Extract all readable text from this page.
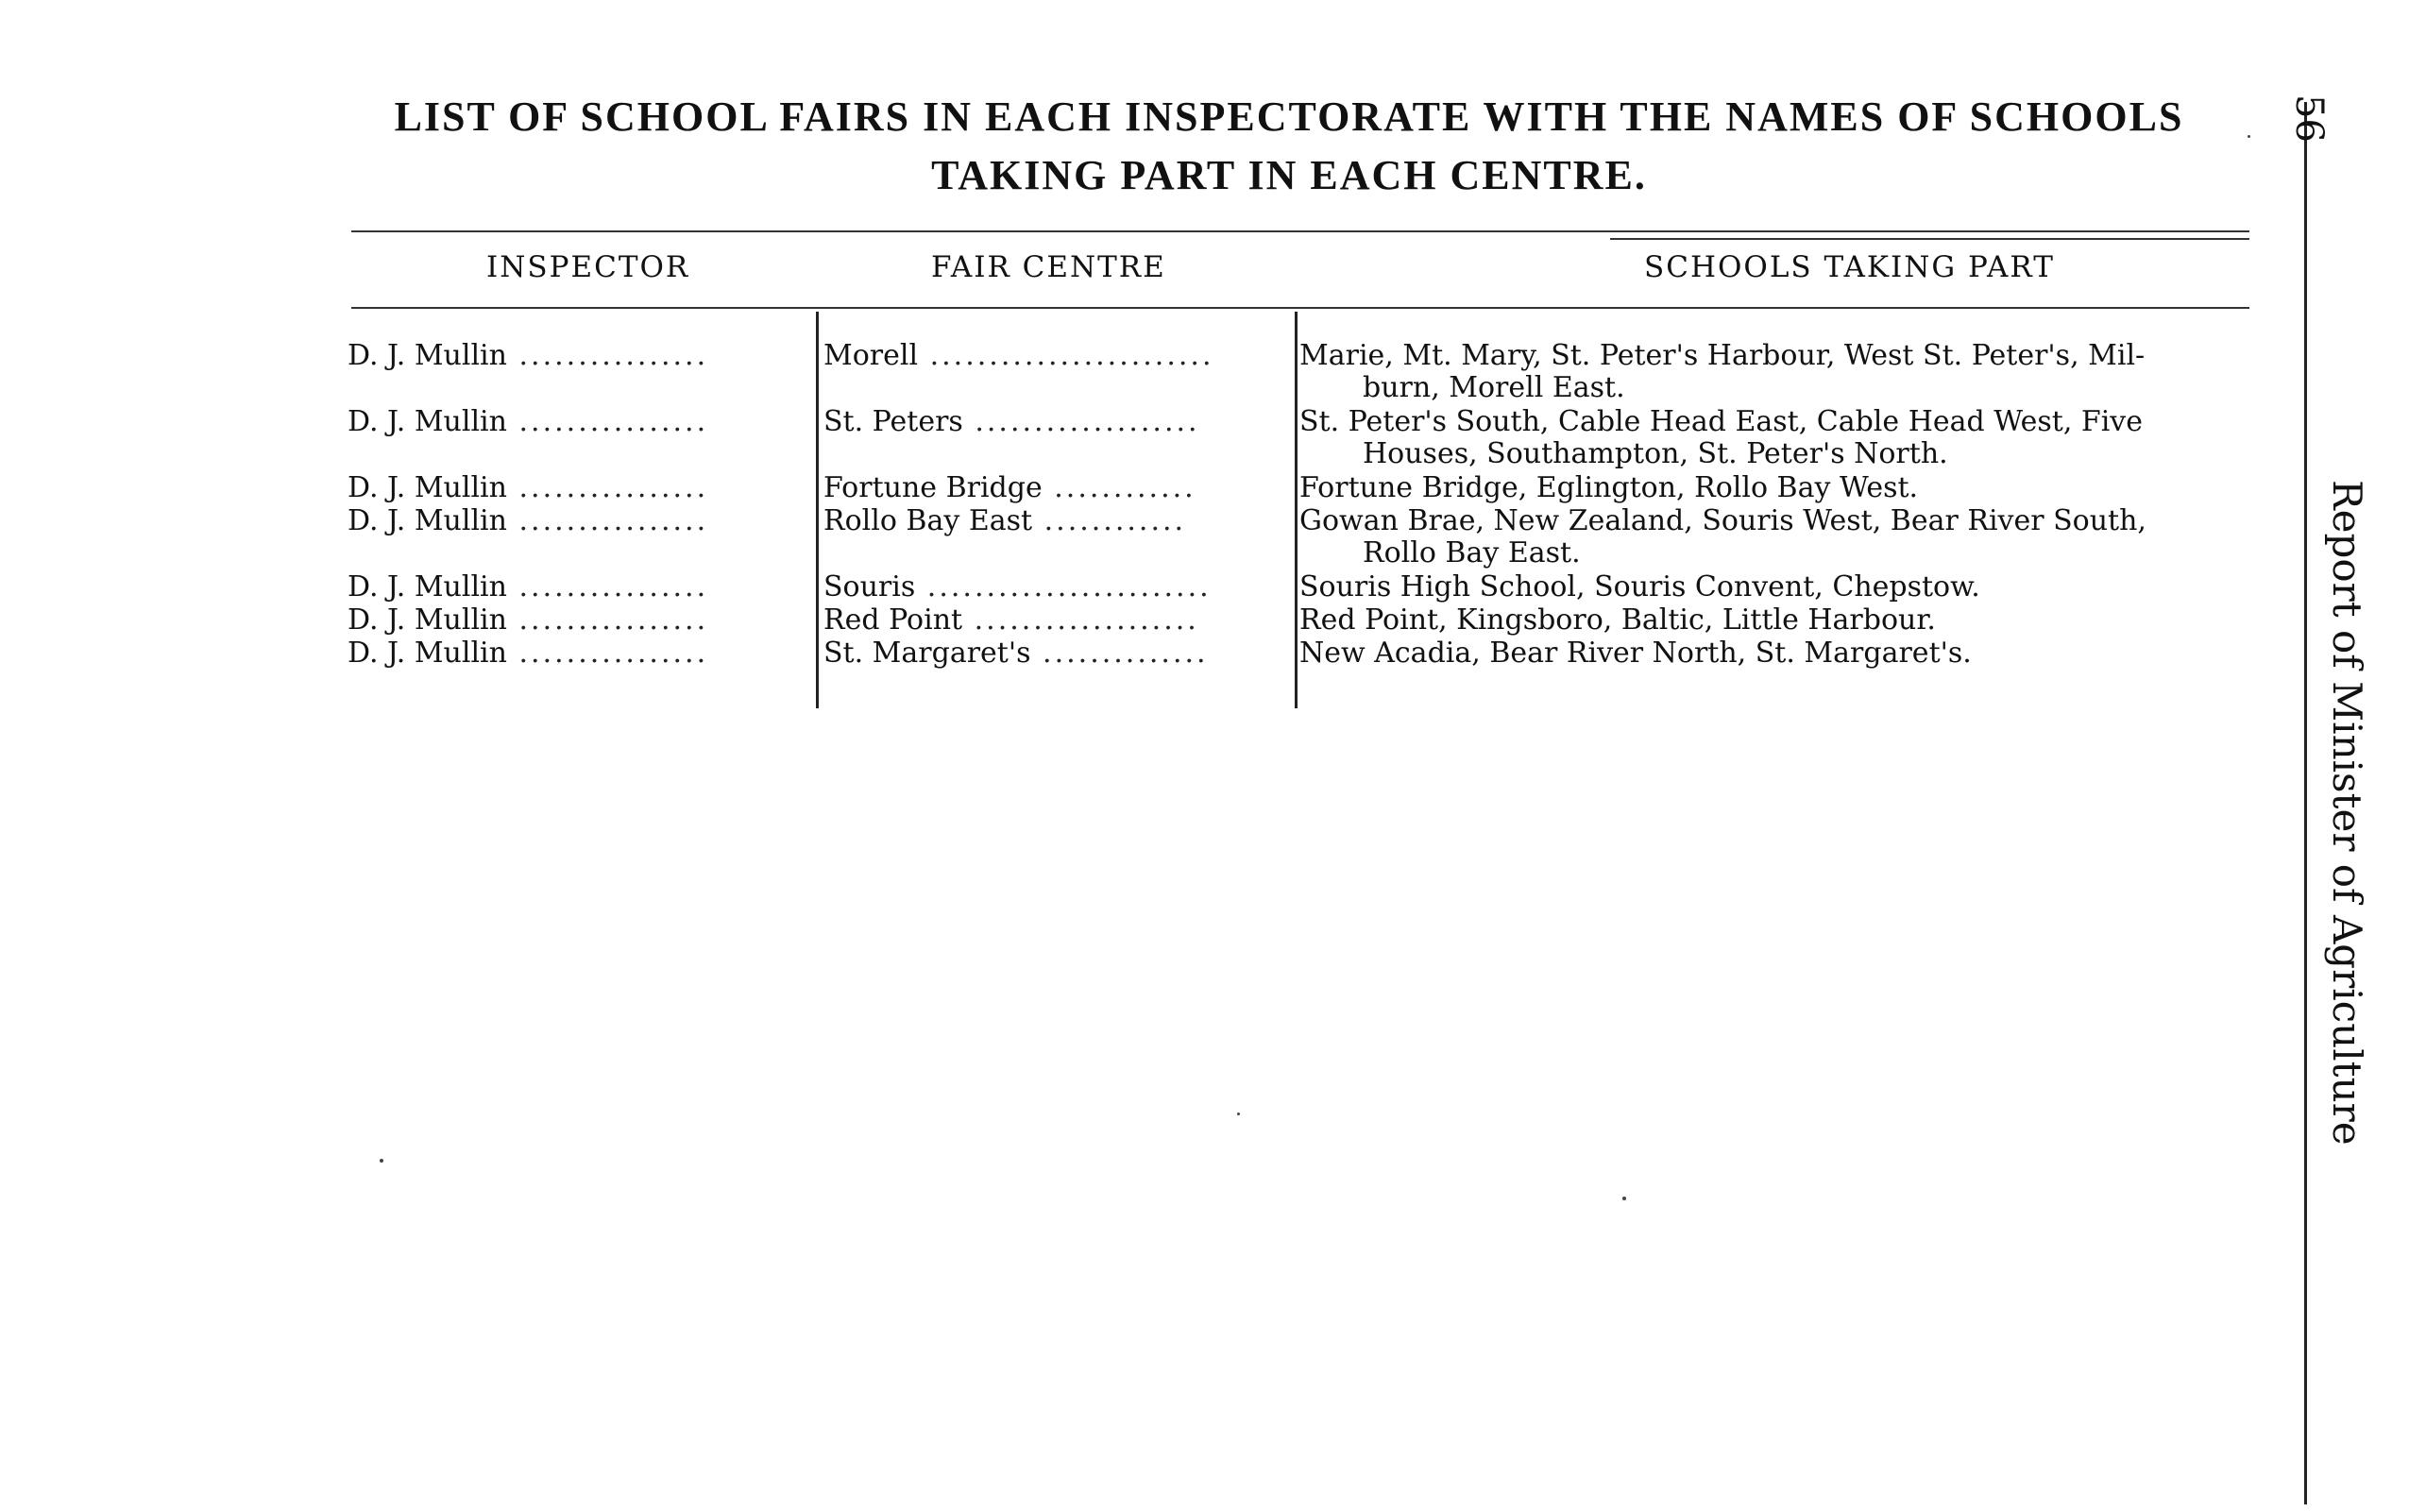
LIST OF SCHOOL FAIRS IN EACH INSPECTORATE WITH THE NAMES OF SCHOOLS
TAKING PART IN EACH CENTRE.
INSPECTOR	FAIR CENTRE	SCHOOLS TAKING PART
D. J. Mullin ................	Morell ........................	Marie, Mt. Mary, St. Peter's Harbour, West St. Peter's, Mil-
burn, Morell East.
D. J. Mullin ................	St. Peters ...................	St. Peter's South, Cable Head East, Cable Head West, Five
Houses, Southampton, St. Peter's North.
D. J. Mullin ................	Fortune Bridge ............	Fortune Bridge, Eglington, Rollo Bay West.
D. J. Mullin ................	Rollo Bay East ............	Gowan Brae, New Zealand, Souris West, Bear River South,
Rollo Bay East.
D. J. Mullin ................	Souris ........................	Souris High School, Souris Convent, Chepstow.
D. J. Mullin ................	Red Point ...................	Red Point, Kingsboro, Baltic, Little Harbour.
D. J. Mullin ................	St. Margaret's ..............	New Acadia, Bear River North, St. Margaret's.
56
Report of Minister of Agriculture
